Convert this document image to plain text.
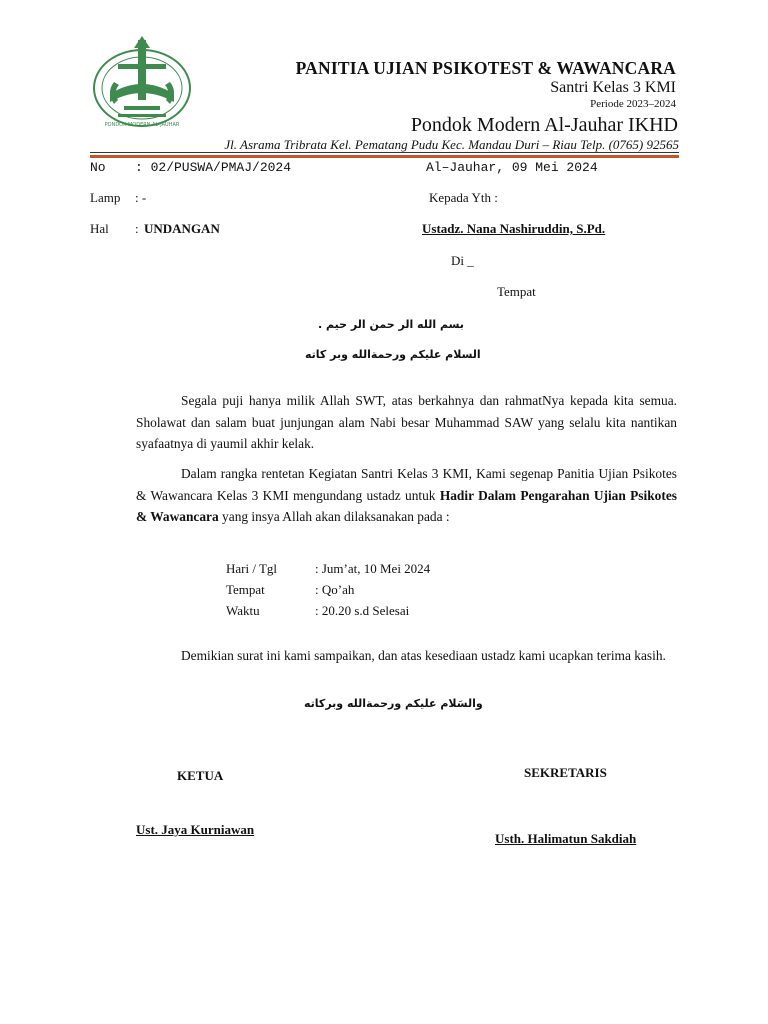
PONDOK MODERN AL-JAUHAR
PANITIA UJIAN PSIKOTEST & WAWANCARA
Santri Kelas 3 KMI
Periode 2023–2024
Pondok Modern Al-Jauhar IKHD
Jl. Asrama Tribrata Kel. Pematang Pudu Kec. Mandau Duri – Riau Telp. (0765) 92565
No : 02/PUSWA/PMAJ/2024	Al–Jauhar, 09 Mei 2024
Lamp : -	Kepada Yth :
Hal : UNDANGAN	Ustadz. Nana Nashiruddin, S.Pd.
Di _
Tempat
بسم الله الر حمن الر حيم .
السلام عليكم ورحمةالله وبر كاته
Segala puji hanya milik Allah SWT, atas berkahnya dan rahmatNya kepada kita semua. Sholawat dan salam buat junjungan alam Nabi besar Muhammad SAW yang selalu kita nantikan syafaatnya di yaumil akhir kelak.
Dalam rangka rentetan Kegiatan Santri Kelas 3 KMI, Kami segenap Panitia Ujian Psikotes & Wawancara Kelas 3 KMI mengundang ustadz untuk Hadir Dalam Pengarahan Ujian Psikotes & Wawancara yang insya Allah akan dilaksanakan pada :
Hari / Tgl	: Jum’at, 10 Mei 2024
Tempat	: Qo’ah
Waktu	: 20.20 s.d Selesai
Demikian surat ini kami sampaikan, dan atas kesediaan ustadz kami ucapkan terima kasih.
والسَلام عليكم ورحمةالله وبركاته
KETUA	SEKRETARIS
Ust. Jaya Kurniawan
Usth. Halimatun Sakdiah
